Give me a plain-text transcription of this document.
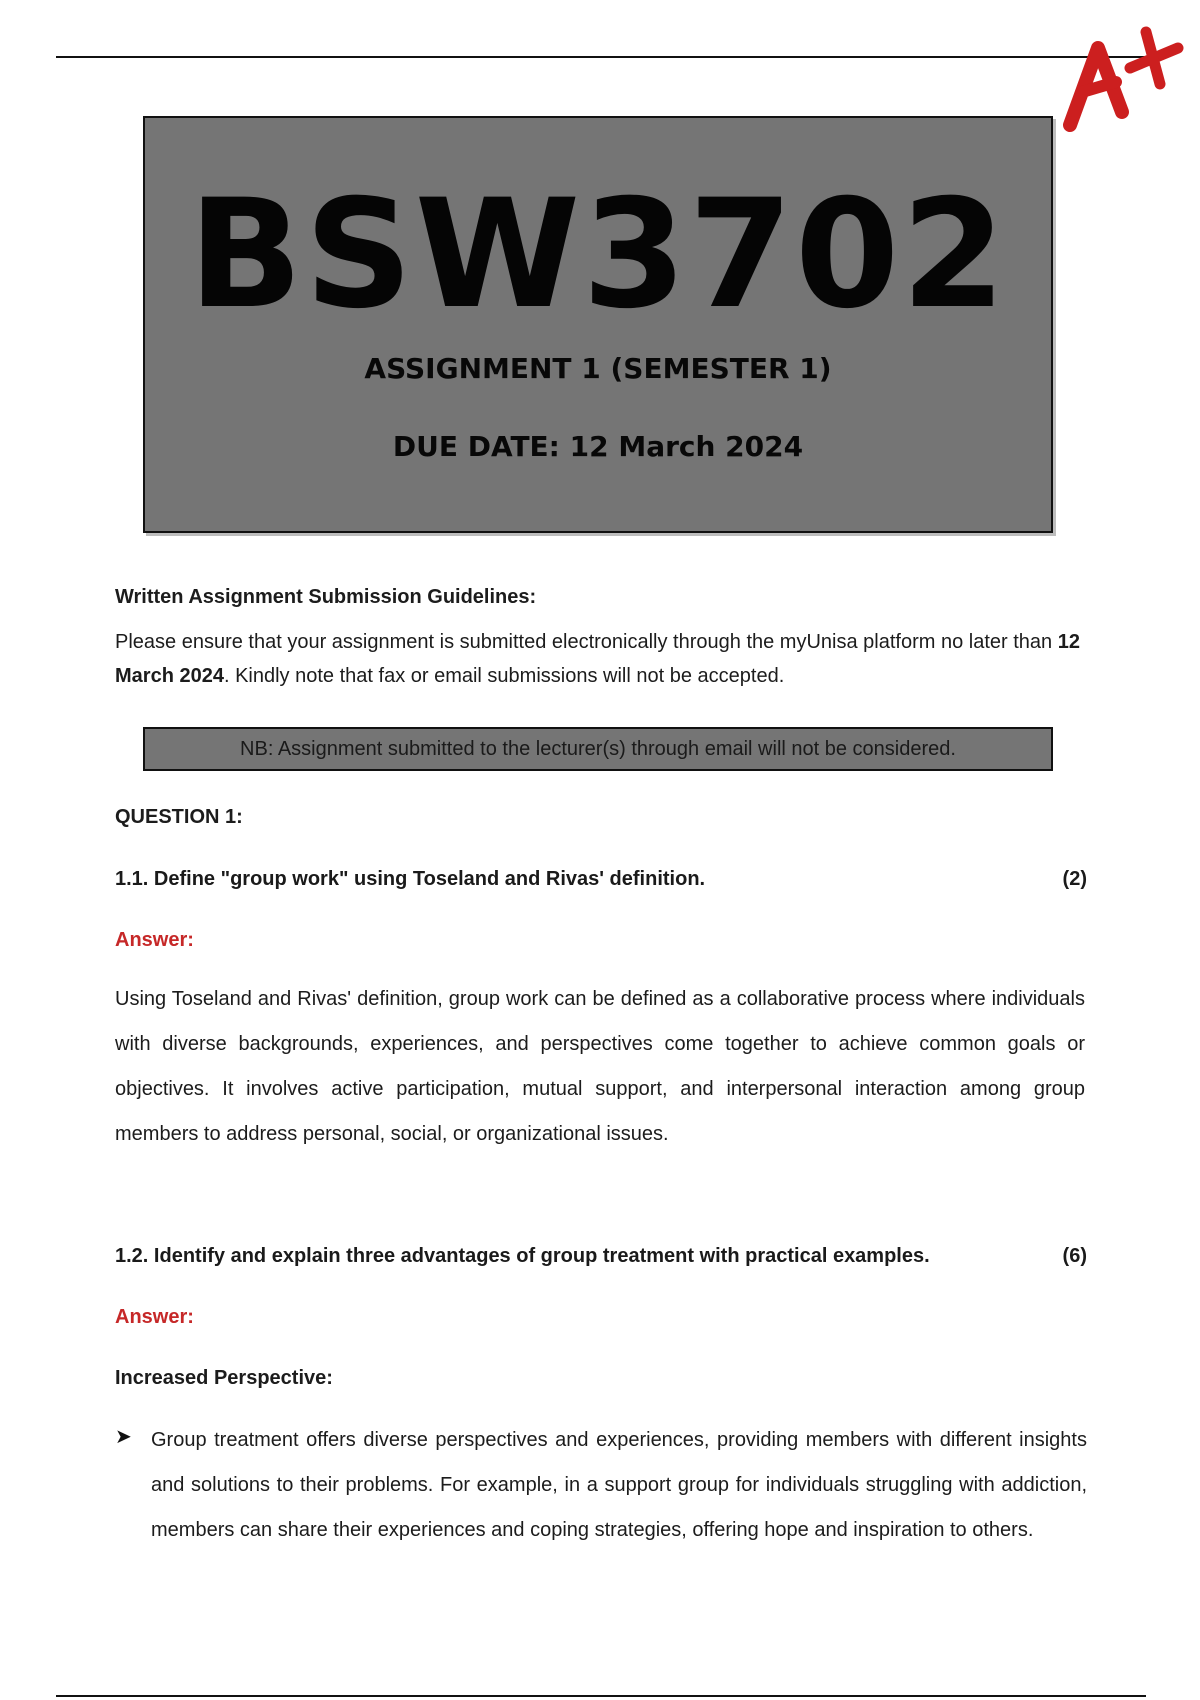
BSW3702
ASSIGNMENT 1 (SEMESTER 1)
DUE DATE: 12 March 2024
Written Assignment Submission Guidelines:
Please ensure that your assignment is submitted electronically through the myUnisa platform no later than 12 March 2024. Kindly note that fax or email submissions will not be accepted.
NB: Assignment submitted to the lecturer(s) through email will not be considered.
QUESTION 1:
1.1. Define "group work" using Toseland and Rivas' definition.	(2)
Answer:
Using Toseland and Rivas' definition, group work can be defined as a collaborative process where individuals with diverse backgrounds, experiences, and perspectives come together to achieve common goals or objectives. It involves active participation, mutual support, and interpersonal interaction among group members to address personal, social, or organizational issues.
1.2. Identify and explain three advantages of group treatment with practical examples.	(6)
Answer:
Increased Perspective:
➤ Group treatment offers diverse perspectives and experiences, providing members with different insights and solutions to their problems. For example, in a support group for individuals struggling with addiction, members can share their experiences and coping strategies, offering hope and inspiration to others.
